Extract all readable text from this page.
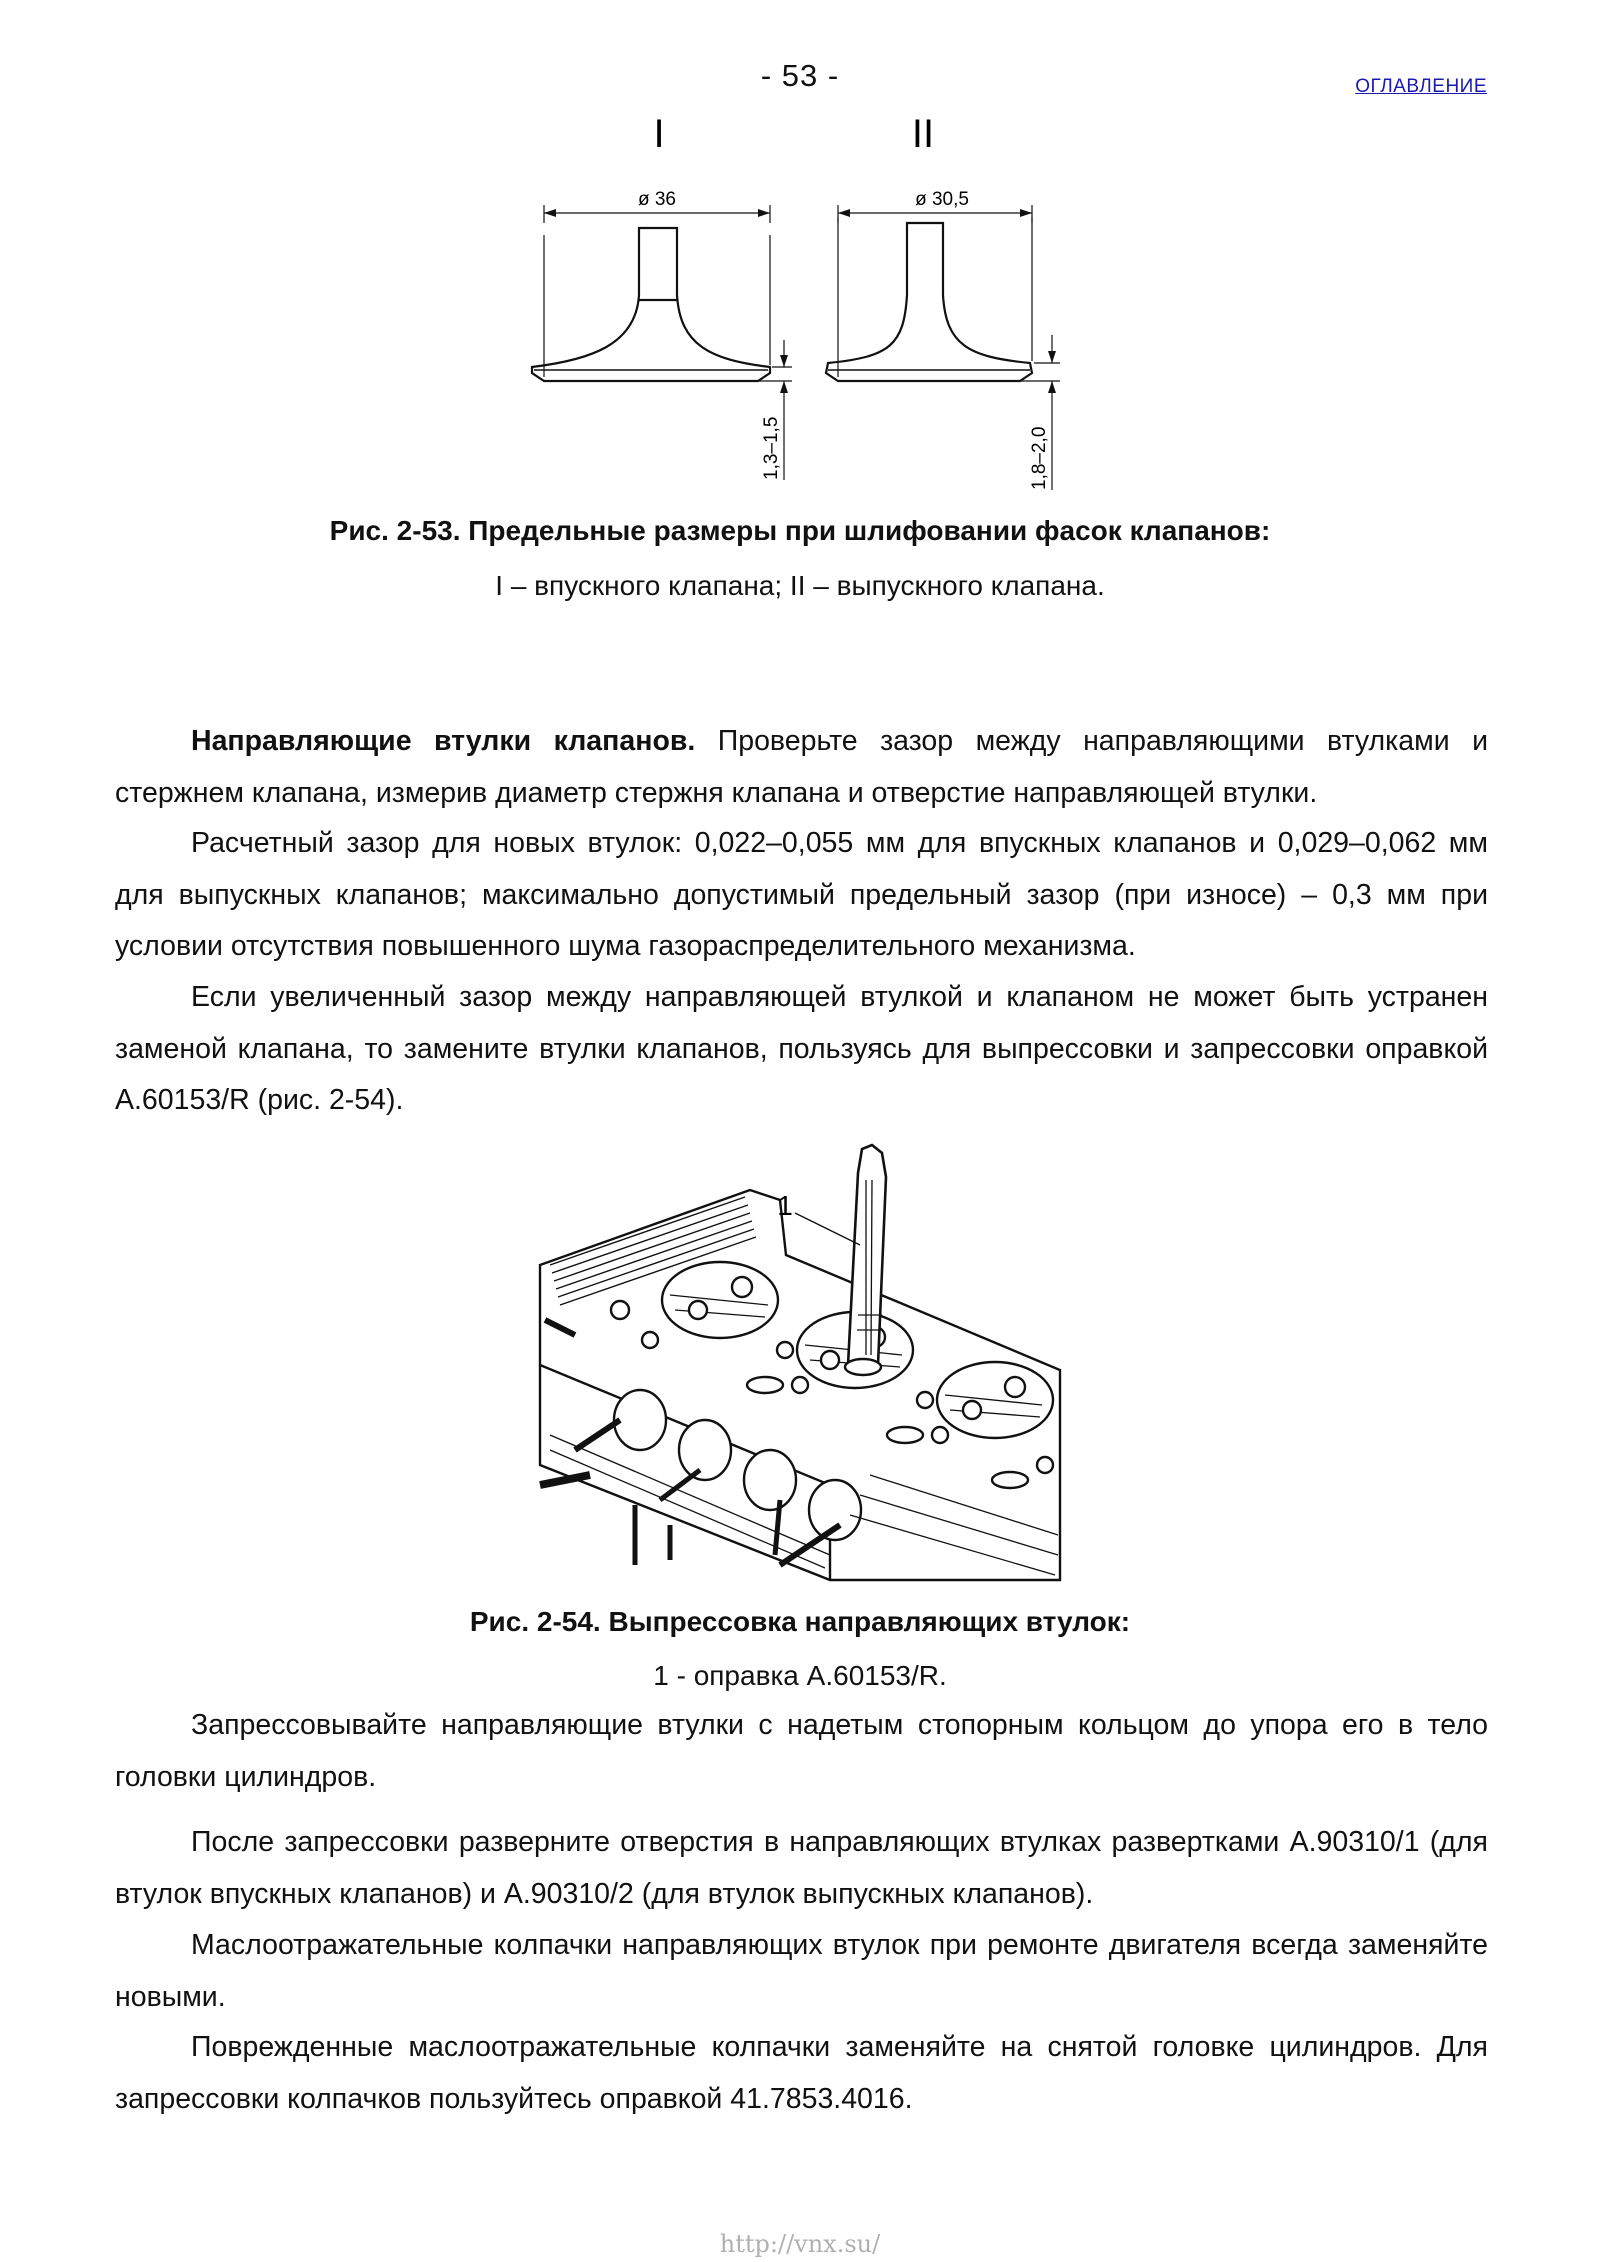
- 53 -	ОГЛАВЛЕНИЕ
I	II
ø 36	ø 30,5
1,3–1,5	1,8–2,0
Рис. 2-53. Предельные размеры при шлифовании фасок клапанов:
I – впускного клапана; II – выпускного клапана.

Направляющие втулки клапанов. Проверьте зазор между направляющими втулками и стержнем клапана, измерив диаметр стержня клапана и отверстие направляющей втулки.

Расчетный зазор для новых втулок: 0,022–0,055 мм для впускных клапанов и 0,029–0,062 мм для выпускных клапанов; максимально допустимый предельный зазор (при износе) – 0,3 мм при условии отсутствия повышенного шума газораспределительного механизма.

Если увеличенный зазор между направляющей втулкой и клапаном не может быть устранен заменой клапана, то замените втулки клапанов, пользуясь для выпрессовки и запрессовки оправкой А.60153/R (рис. 2-54).

1
Рис. 2-54. Выпрессовка направляющих втулок:
1 - оправка А.60153/R.

Запрессовывайте направляющие втулки с надетым стопорным кольцом до упора его в тело головки цилиндров.

После запрессовки разверните отверстия в направляющих втулках развертками А.90310/1 (для втулок впускных клапанов) и А.90310/2 (для втулок выпускных клапанов).

Маслоотражательные колпачки направляющих втулок при ремонте двигателя всегда заменяйте новыми.

Поврежденные маслоотражательные колпачки заменяйте на снятой головке цилиндров. Для запрессовки колпачков пользуйтесь оправкой 41.7853.4016.

http://vnx.su/
